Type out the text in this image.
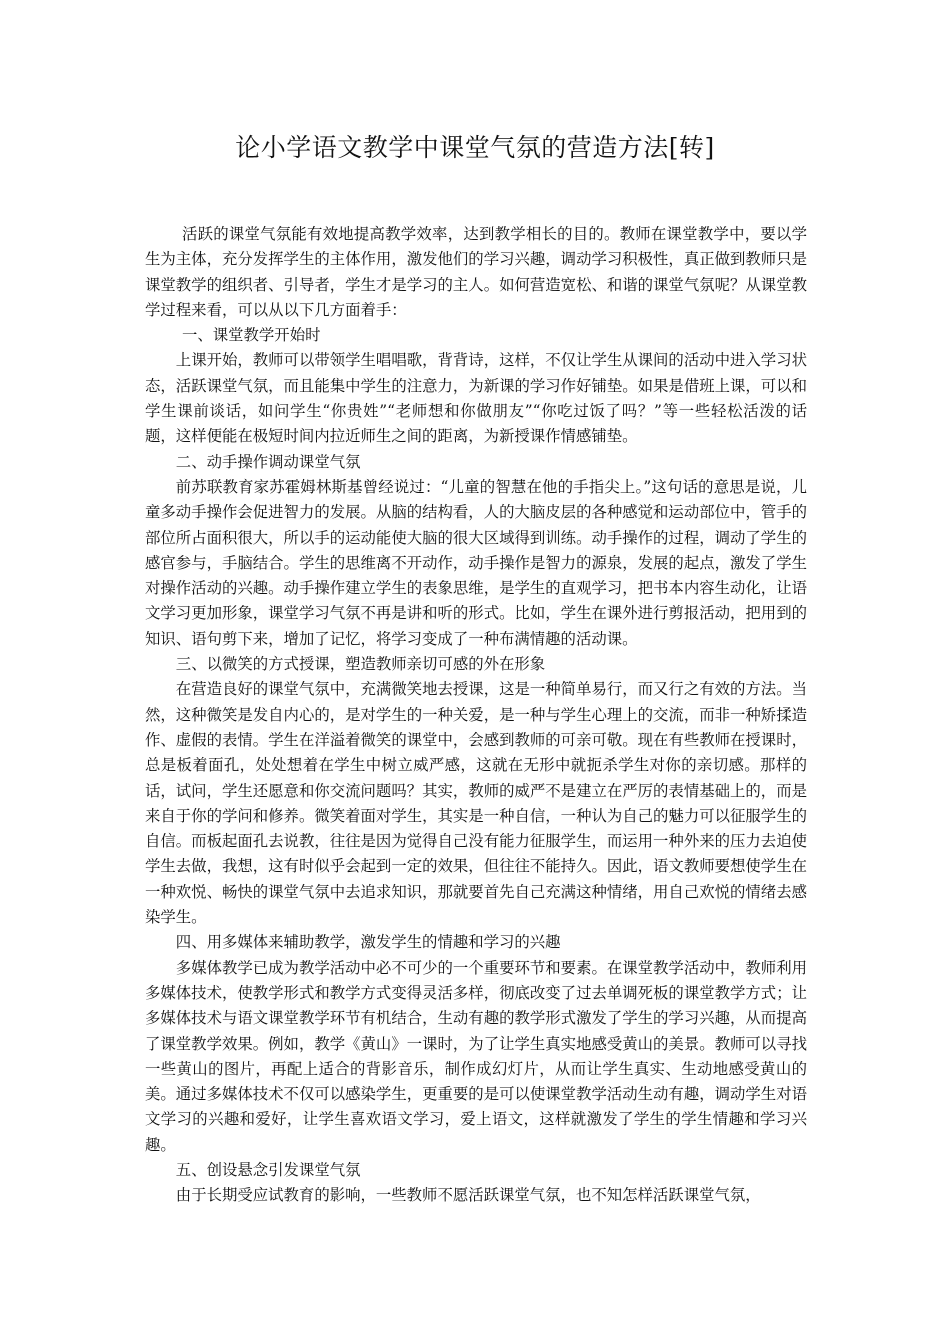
论小学语文教学中课堂气氛的营造方法[转]

活跃的课堂气氛能有效地提高教学效率，达到教学相长的目的。教师在课堂教学中，要以学生为主体，充分发挥学生的主体作用，激发他们的学习兴趣，调动学习积极性，真正做到教师只是课堂教学的组织者、引导者，学生才是学习的主人。如何营造宽松、和谐的课堂气氛呢？从课堂教学过程来看，可以从以下几方面着手：

一、课堂教学开始时

上课开始，教师可以带领学生唱唱歌，背背诗，这样，不仅让学生从课间的活动中进入学习状态，活跃课堂气氛，而且能集中学生的注意力，为新课的学习作好铺垫。如果是借班上课，可以和学生课前谈话，如问学生“你贵姓”“老师想和你做朋友”“你吃过饭了吗？”等一些轻松活泼的话题，这样便能在极短时间内拉近师生之间的距离，为新授课作情感铺垫。

二、动手操作调动课堂气氛

前苏联教育家苏霍姆林斯基曾经说过：“儿童的智慧在他的手指尖上。”这句话的意思是说，儿童多动手操作会促进智力的发展。从脑的结构看，人的大脑皮层的各种感觉和运动部位中，管手的部位所占面积很大，所以手的运动能使大脑的很大区域得到训练。动手操作的过程，调动了学生的感官参与，手脑结合。学生的思维离不开动作，动手操作是智力的源泉，发展的起点，激发了学生对操作活动的兴趣。动手操作建立学生的表象思维，是学生的直观学习，把书本内容生动化，让语文学习更加形象，课堂学习气氛不再是讲和听的形式。比如，学生在课外进行剪报活动，把用到的知识、语句剪下来，增加了记忆，将学习变成了一种布满情趣的活动课。

三、以微笑的方式授课，塑造教师亲切可感的外在形象

在营造良好的课堂气氛中，充满微笑地去授课，这是一种简单易行，而又行之有效的方法。当然，这种微笑是发自内心的，是对学生的一种关爱，是一种与学生心理上的交流，而非一种矫揉造作、虚假的表情。学生在洋溢着微笑的课堂中，会感到教师的可亲可敬。现在有些教师在授课时，总是板着面孔，处处想着在学生中树立威严感，这就在无形中就扼杀学生对你的亲切感。那样的话，试问，学生还愿意和你交流问题吗？其实，教师的威严不是建立在严厉的表情基础上的，而是来自于你的学问和修养。微笑着面对学生，其实是一种自信，一种认为自己的魅力可以征服学生的自信。而板起面孔去说教，往往是因为觉得自己没有能力征服学生，而运用一种外来的压力去迫使学生去做，我想，这有时似乎会起到一定的效果，但往往不能持久。因此，语文教师要想使学生在一种欢悦、畅快的课堂气氛中去追求知识，那就要首先自己充满这种情绪，用自己欢悦的情绪去感染学生。

四、用多媒体来辅助教学，激发学生的情趣和学习的兴趣

多媒体教学已成为教学活动中必不可少的一个重要环节和要素。在课堂教学活动中，教师利用多媒体技术，使教学形式和教学方式变得灵活多样，彻底改变了过去单调死板的课堂教学方式；让多媒体技术与语文课堂教学环节有机结合，生动有趣的教学形式激发了学生的学习兴趣，从而提高了课堂教学效果。例如，教学《黄山》一课时，为了让学生真实地感受黄山的美景。教师可以寻找一些黄山的图片，再配上适合的背影音乐，制作成幻灯片，从而让学生真实、生动地感受黄山的美。通过多媒体技术不仅可以感染学生，更重要的是可以使课堂教学活动生动有趣，调动学生对语文学习的兴趣和爱好，让学生喜欢语文学习，爱上语文，这样就激发了学生的学生情趣和学习兴趣。

五、创设悬念引发课堂气氛

由于长期受应试教育的影响，一些教师不愿活跃课堂气氛，也不知怎样活跃课堂气氛，
